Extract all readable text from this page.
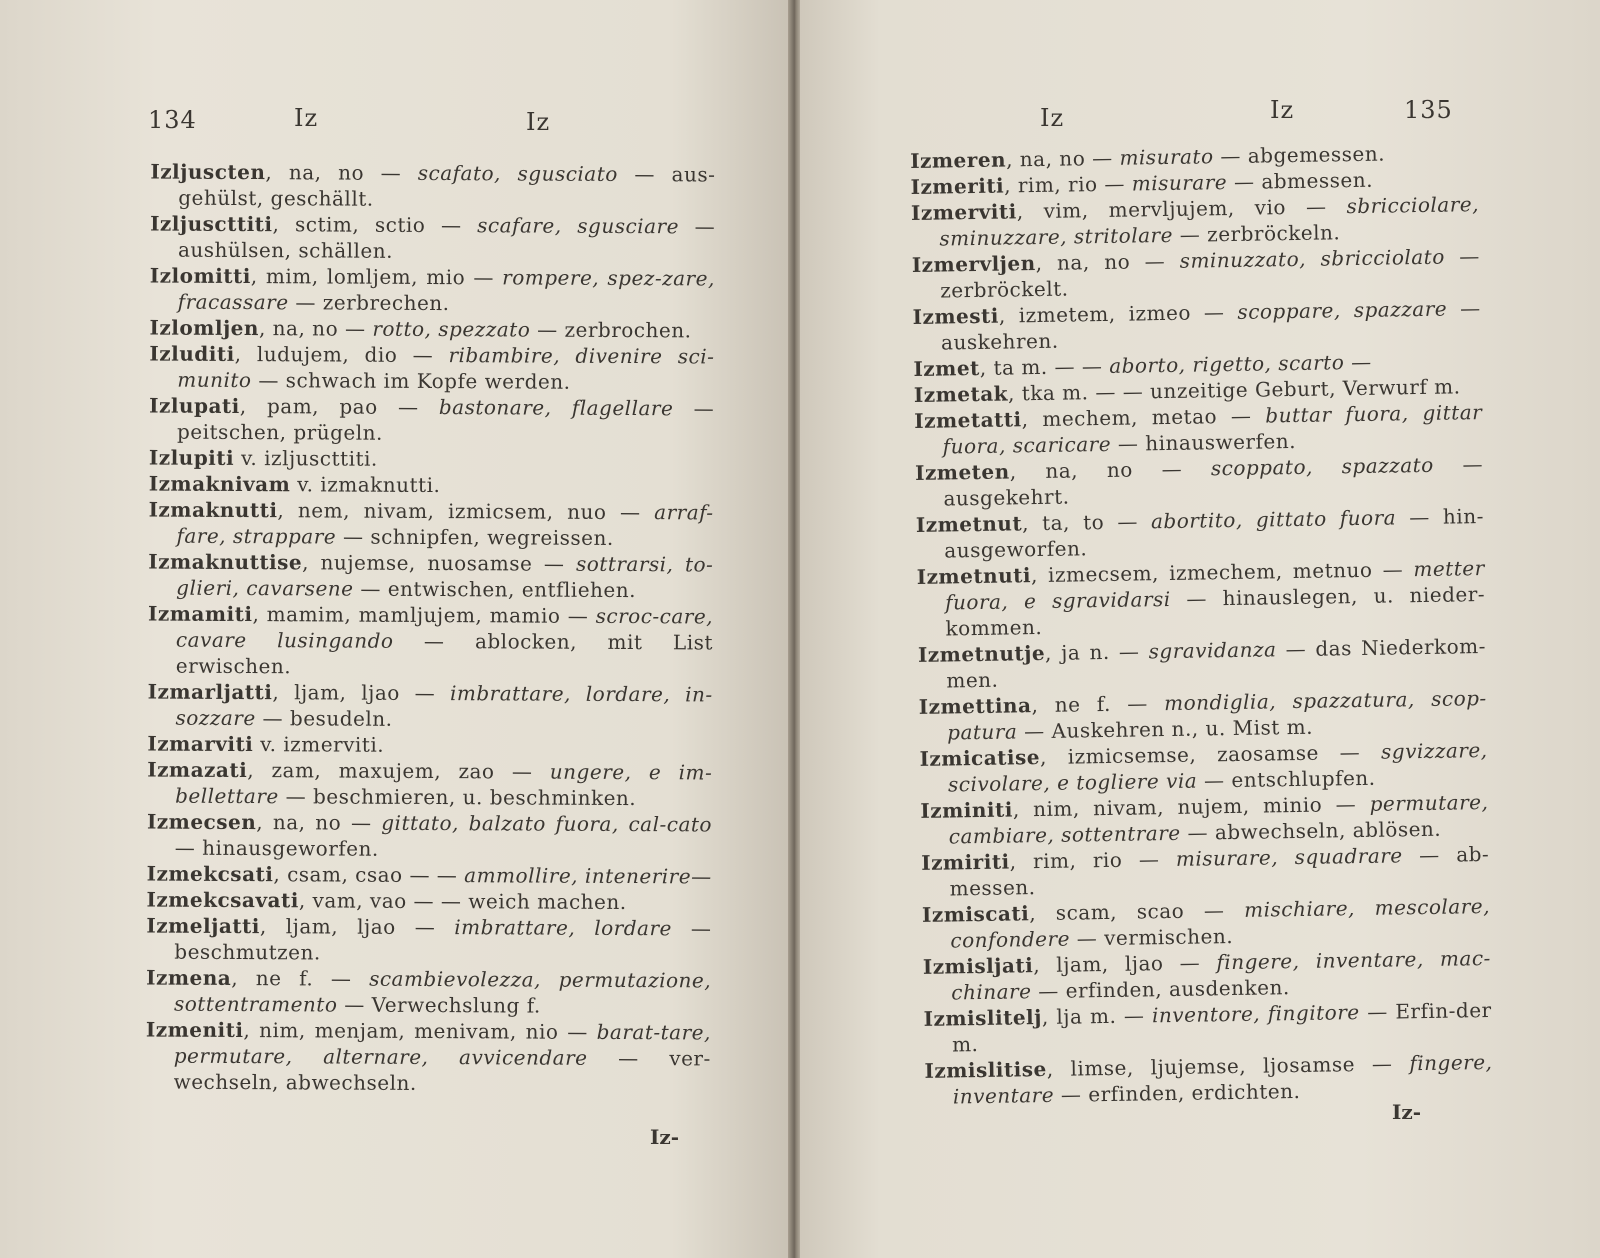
134	Iz	Iz
Izljuscten, na, no —	scafato, sgusciato—	aus-gehülst, geschällt.
Izljuscttiti, sctim, sctio —	scafare, sgusciare— aushülsen, schällen.
Izlomitti, mim, lomljem, mio — rompere, spez-zare, fracassare — zerbrechen.
Izlomljen, na, no — rotto, spezzato— zerbrochen.
Izluditi, ludujem, dio —	ribambire, divenire sci-munito — schwach im Kopfe werden.
Izlupati, pam, pao —	bastonare, flagellare— peitschen, prügeln.
Izlupiti v. izljuscttiti.
Izmaknivam v. izmaknutti.
Izmaknutti, nem, nivam, izmicsem, nuo — arraf-fare, strappare — schnipfen, wegreissen.
Izmaknuttise, nujemse, nuosamse — sottrarsi, to-glieri, cavarsene — entwischen, entfliehen.
Izmamiti, mamim, mamljujem, mamio — scroc-care, cavare lusingando —	ablocken, mit List erwischen.
Izmarljatti, ljam, ljao —	imbrattare, lordare, in-sozzare — besudeln.
Izmarviti v. izmerviti.
Izmazati, zam, maxujem, zao —	ungere, e im-bellettare — beschmieren, u. beschminken.
Izmecsen, na, no — gittato, balzato fuora, cal-cato— hinausgeworfen.
Izmekcsati, csam, csao — — ammollire, intenerire—
Izmekcsavati, vam, vao — — weich machen.
Izmeljatti, ljam, ljao —	imbrattare, lordare— beschmutzen.
Izmena, ne f. —	scambievolezza, permutazione, sottentramento — Verwechslung f.
Izmeniti, nim, menjam, menivam, nio — barat-tare, permutare, alternare, avvicendare —	ver-wechseln, abwechseln.
Iz-
Iz	Iz	135
Izmeren, na, no — misurato — abgemessen.
Izmeriti, rim, rio — misurare — abmessen.
Izmerviti, vim, mervljujem, vio —	sbricciolare, sminuzzare, stritolare — zerbröckeln.
Izmervljen, na, no — sminuzzato, sbricciolato— zerbröckelt.
Izmesti, izmetem, izmeo — scoppare, spazzare— auskehren.
Izmet, ta m. — — aborto, rigetto, scarto —
Izmetak, tka m. — — unzeitige Geburt, Verwurf m.
Izmetatti, mechem, metao — buttar fuora, gittar fuora, scaricare — hinauswerfen.
Izmeten, na, no —	scoppato, spazzato— ausgekehrt.
Izmetnut, ta, to — abortito, gittato fuora— hin-ausgeworfen.
Izmetnuti, izmecsem, izmechem, metnuo — metter fuora, e sgravidarsi —	hinauslegen, u. nieder-kommen.
Izmetnutje, ja n. — sgravidanza — das Niederkom-men.
Izmettina, ne f. —	mondiglia, spazzatura, scop-patura — Auskehren n., u. Mist m.
Izmicatise, izmicsemse, zaosamse —	sgvizzare, scivolare, e togliere via— entschlupfen.
Izminiti, nim, nivam, nujem, minio — permutare, cambiare, sottentrare— abwechseln, ablösen.
Izmiriti, rim, rio —	misurare, squadrare—	ab-messen.
Izmiscati, scam, scao —	mischiare, mescolare, confondere — vermischen.
Izmisljati, ljam, ljao —	fingere, inventare, mac-chinare — erfinden, ausdenken.
Izmislitelj, lja m. — inventore, fingitore— Erfin-der m.
Izmislitise, limse, ljujemse, ljosamse —	fingere, inventare — erfinden, erdichten.
Iz-
